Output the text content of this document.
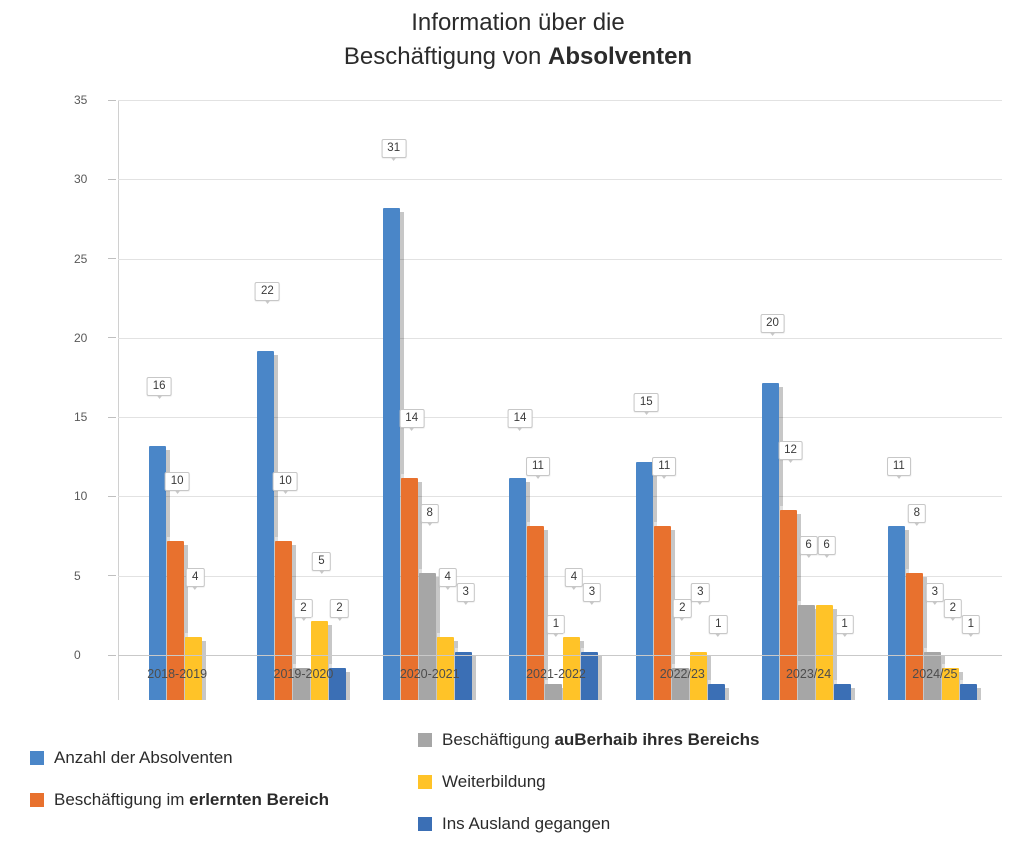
Information über die
Beschäftigung von Absolventen
0
5
10
15
20
25
30
35
16
10
4
2018-2019
22
10
2
5
2
2019-2020
31
14
8
4
3
2020-2021
14
11
1
4
3
2021-2022
15
11
2
3
1
2022/23
20
12
6	6
1
2023/24
11
8
3
2
1
2024/25
Anzahl der Absolventen
Beschäftigung im erlernten Bereich
Beschäftigung auBerhaib ihres Bereichs
Weiterbildung
Ins Ausland gegangen
